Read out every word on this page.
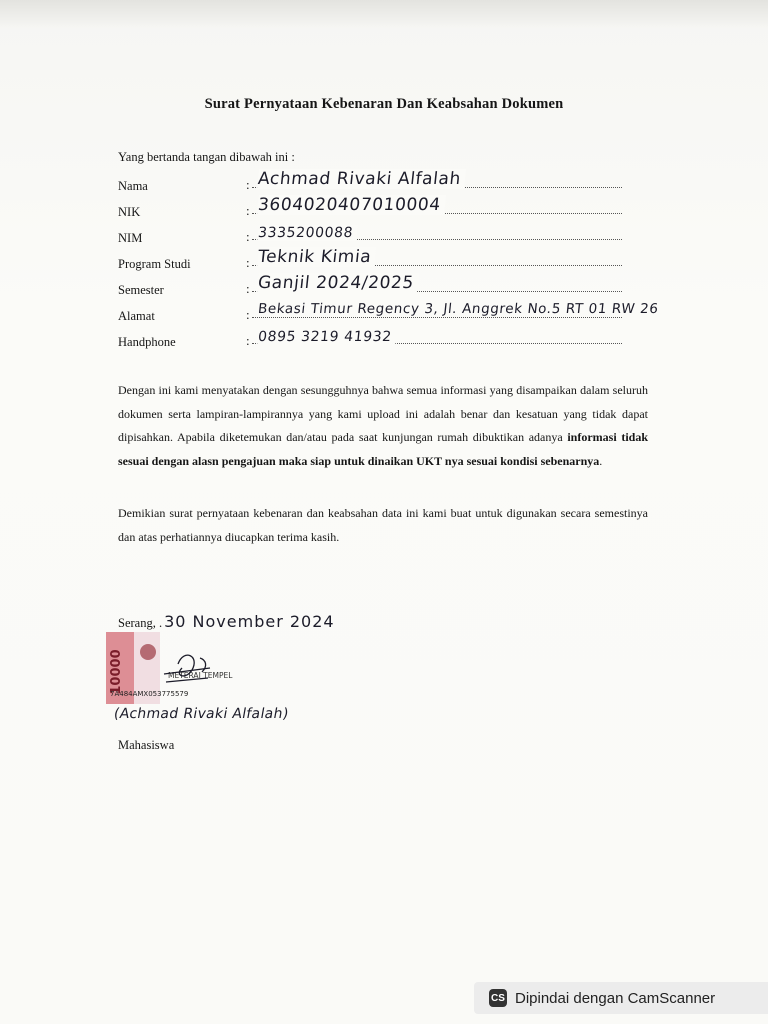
Surat Pernyataan Kebenaran Dan Keabsahan Dokumen
Yang bertanda tangan dibawah ini :
Nama	: Achmad Rivaki Alfalah
NIK	: 3604020407010004
NIM	: 3335200088
Program Studi	: Teknik Kimia
Semester	: Ganjil 2024/2025
Alamat	: Bekasi Timur Regency 3, Jl. Anggrek No.5 RT 01 RW 26
Handphone	: 0895 3219 41932
Dengan ini kami menyatakan dengan sesungguhnya bahwa semua informasi yang disampaikan dalam seluruh dokumen serta lampiran-lampirannya yang kami upload ini adalah benar dan kesatuan yang tidak dapat dipisahkan. Apabila diketemukan dan/atau pada saat kunjungan rumah dibuktikan adanya informasi tidak sesuai dengan alasn pengajuan maka siap untuk dinaikan UKT nya sesuai kondisi sebenarnya.
Demikian surat pernyataan kebenaran dan keabsahan data ini kami buat untuk digunakan secara semestinya dan atas perhatiannya diucapkan terima kasih.
Serang, . 30 November 2024
10000	METERAI TEMPEL
7A484AMX053775579
(Achmad Rivaki Alfalah)
Mahasiswa
CS Dipindai dengan CamScanner
